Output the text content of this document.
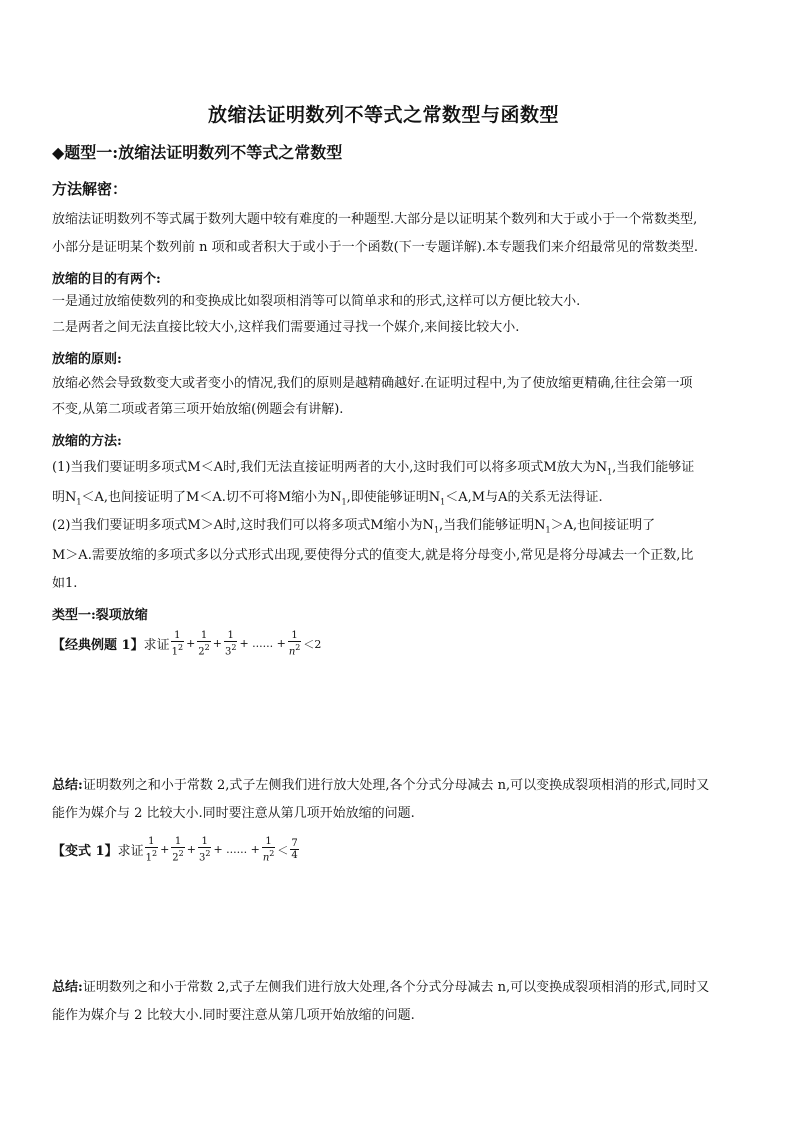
放缩法证明数列不等式之常数型与函数型
◆题型一:放缩法证明数列不等式之常数型
方法解密：
放缩法证明数列不等式属于数列大题中较有难度的一种题型.大部分是以证明某个数列和大于或小于一个常数类型,
小部分是证明某个数列前 n 项和或者积大于或小于一个函数(下一专题详解).本专题我们来介绍最常见的常数类型.
放缩的目的有两个:
一是通过放缩使数列的和变换成比如裂项相消等可以简单求和的形式,这样可以方便比较大小.
二是两者之间无法直接比较大小,这样我们需要通过寻找一个媒介,来间接比较大小.
放缩的原则:
放缩必然会导致数变大或者变小的情况,我们的原则是越精确越好.在证明过程中,为了使放缩更精确,往往会第一项
不变,从第二项或者第三项开始放缩(例题会有讲解).
放缩的方法:
(1)当我们要证明多项式M＜A时,我们无法直接证明两者的大小,这时我们可以将多项式M放大为$N_1$,当我们能够证
明$N_1<A$,也间接证明了M＜A.切不可将M缩小为$N_1$,即使能够证明$N_1<A,M$与A的关系无法得证.
(2)当我们要证明多项式M＞A时,这时我们可以将多项式M缩小为$N_1$,当我们能够证明$N_1>A$,也间接证明了
M＞A.需要放缩的多项式多以分式形式出现,要使得分式的值变大,就是将分母变小,常见是将分母减去一个正数,比
如1.
类型一:裂项放缩
【经典例题 1】 求证 $\frac{1}{1^2} + \frac{1}{2^2} + \frac{1}{3^2}$ + ...... + $\frac{1}{n^2} <2$
总结:证明数列之和小于常数 2,式子左侧我们进行放大处理,各个分式分母减去 n,可以变换成裂项相消的形式,同时又
能作为媒介与 2 比较大小.同时要注意从第几项开始放缩的问题.
【变式 1】 求证 $\frac{1}{1^2} + \frac{1}{2^2} + \frac{1}{3^2}$ + ...... + $\frac{1}{n^2} < \frac{7}{4}$
总结:证明数列之和小于常数 2,式子左侧我们进行放大处理,各个分式分母减去 n,可以变换成裂项相消的形式,同时又
能作为媒介与 2 比较大小.同时要注意从第几项开始放缩的问题.
